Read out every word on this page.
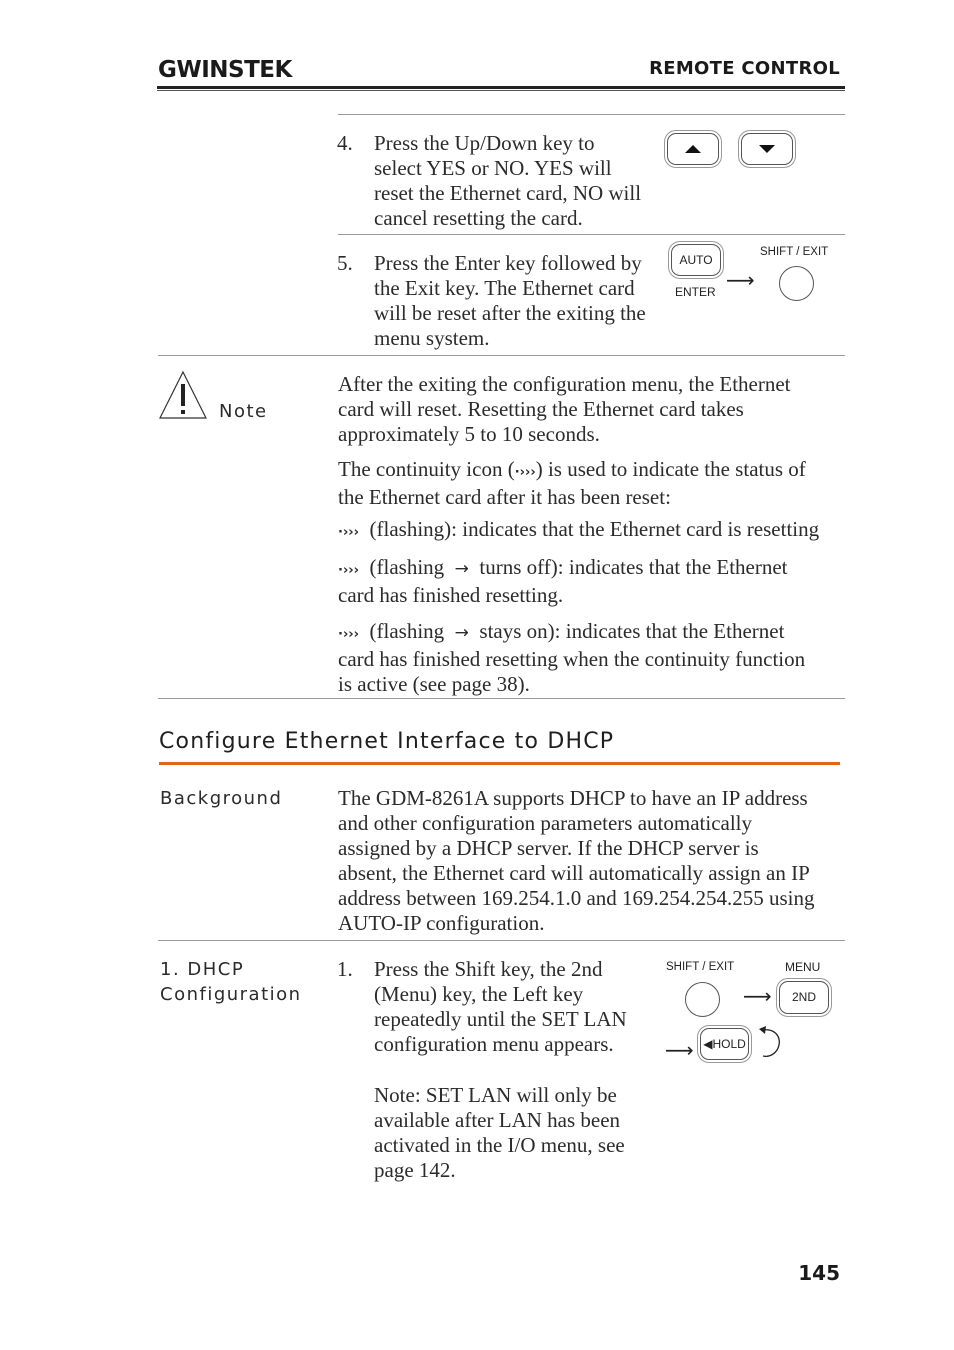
GWINSTEK	REMOTE CONTROL
4. Press the Up/Down key to
select YES or NO. YES will
reset the Ethernet card, NO will
cancel resetting the card.
5. Press the Enter key followed by
the Exit key. The Ethernet card
will be reset after the exiting the
menu system.
AUTO
ENTER ⟶
SHIFT / EXIT
Note
After the exiting the configuration menu, the Ethernet
card will reset. Resetting the Ethernet card takes
approximately 5 to 10 seconds.
The continuity icon (·›››) is used to indicate the status of
the Ethernet card after it has been reset:
·››› (flashing): indicates that the Ethernet card is resetting
·››› (flashing → turns off): indicates that the Ethernet
card has finished resetting.
·››› (flashing → stays on): indicates that the Ethernet
card has finished resetting when the continuity function
is active (see page 38).
Configure Ethernet Interface to DHCP
Background	The GDM-8261A supports DHCP to have an IP address
and other configuration parameters automatically
assigned by a DHCP server. If the DHCP server is
absent, the Ethernet card will automatically assign an IP
address between 169.254.1.0 and 169.254.254.255 using
AUTO-IP configuration.
1. DHCP
Configuration
1. Press the Shift key, the 2nd
(Menu) key, the Left key
repeatedly until the SET LAN
configuration menu appears.
Note: SET LAN will only be
available after LAN has been
activated in the I/O menu, see
page 142.
SHIFT / EXIT
⟶
MENU
2ND
⟶ ◀HOLD
145
